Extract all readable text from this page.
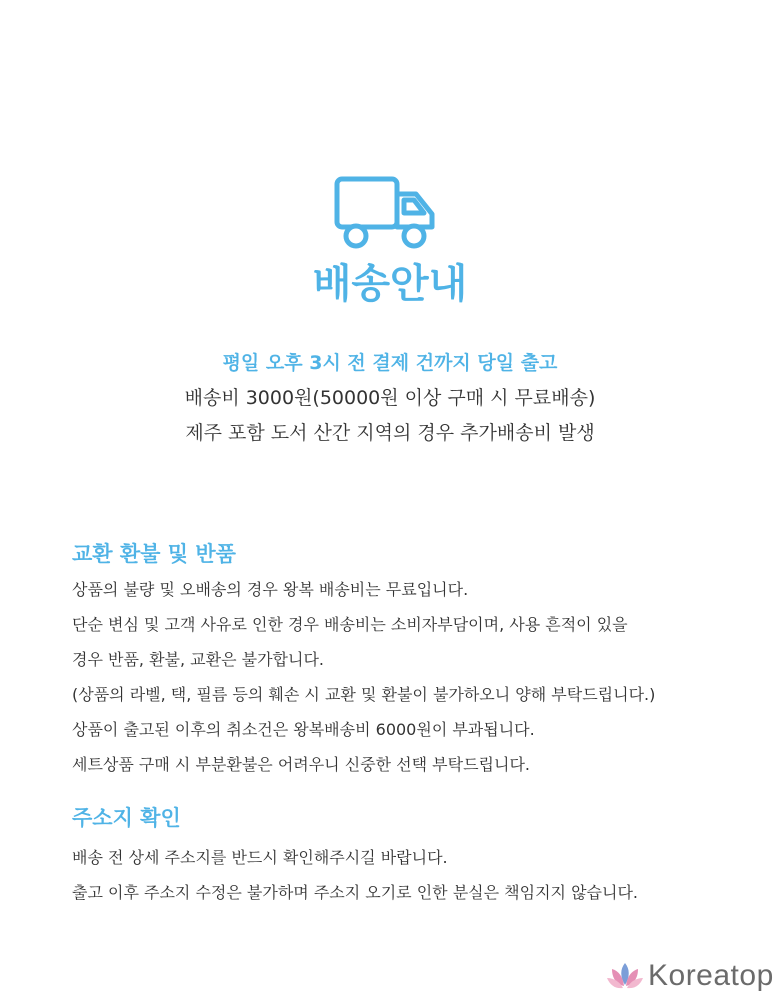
배송안내
평일 오후 3시 전 결제 건까지 당일 출고
배송비 3000원(50000원 이상 구매 시 무료배송)
제주 포함 도서 산간 지역의 경우 추가배송비 발생
교환 환불 및 반품
상품의 불량 및 오배송의 경우 왕복 배송비는 무료입니다.
단순 변심 및 고객 사유로 인한 경우 배송비는 소비자부담이며, 사용 흔적이 있을
경우 반품, 환불, 교환은 불가합니다.
(상품의 라벨, 택, 필름 등의 훼손 시 교환 및 환불이 불가하오니 양해 부탁드립니다.)
상품이 출고된 이후의 취소건은 왕복배송비 6000원이 부과됩니다.
세트상품 구매 시 부분환불은 어려우니 신중한 선택 부탁드립니다.
주소지 확인
배송 전 상세 주소지를 반드시 확인해주시길 바랍니다.
출고 이후 주소지 수정은 불가하며 주소지 오기로 인한 분실은 책임지지 않습니다.
Koreatop
